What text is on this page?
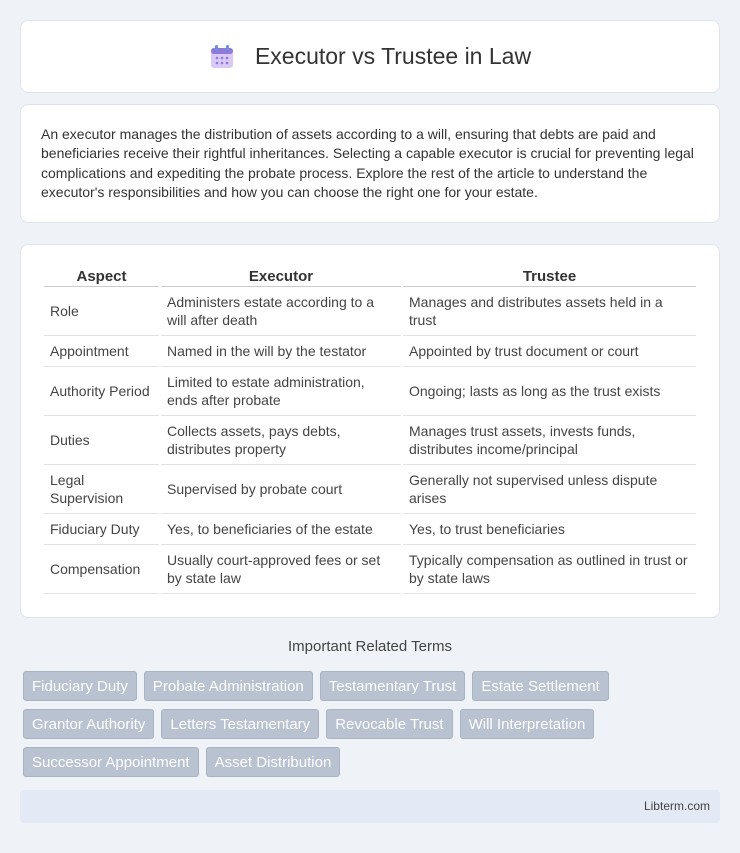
Executor vs Trustee in Law

An executor manages the distribution of assets according to a will, ensuring that debts are paid and beneficiaries receive their rightful inheritances. Selecting a capable executor is crucial for preventing legal complications and expediting the probate process. Explore the rest of the article to understand the executor's responsibilities and how you can choose the right one for your estate.

Aspect	Executor	Trustee
Role	Administers estate according to a will after death	Manages and distributes assets held in a trust
Appointment	Named in the will by the testator	Appointed by trust document or court
Authority Period	Limited to estate administration, ends after probate	Ongoing; lasts as long as the trust exists
Duties	Collects assets, pays debts, distributes property	Manages trust assets, invests funds, distributes income/principal
Legal Supervision	Supervised by probate court	Generally not supervised unless dispute arises
Fiduciary Duty	Yes, to beneficiaries of the estate	Yes, to trust beneficiaries
Compensation	Usually court-approved fees or set by state law	Typically compensation as outlined in trust or by state laws
Important Related Terms
Fiduciary Duty	Probate Administration	Testamentary Trust	Estate Settlement
Grantor Authority	Letters Testamentary	Revocable Trust	Will Interpretation
Successor Appointment	Asset Distribution
Libterm.com
